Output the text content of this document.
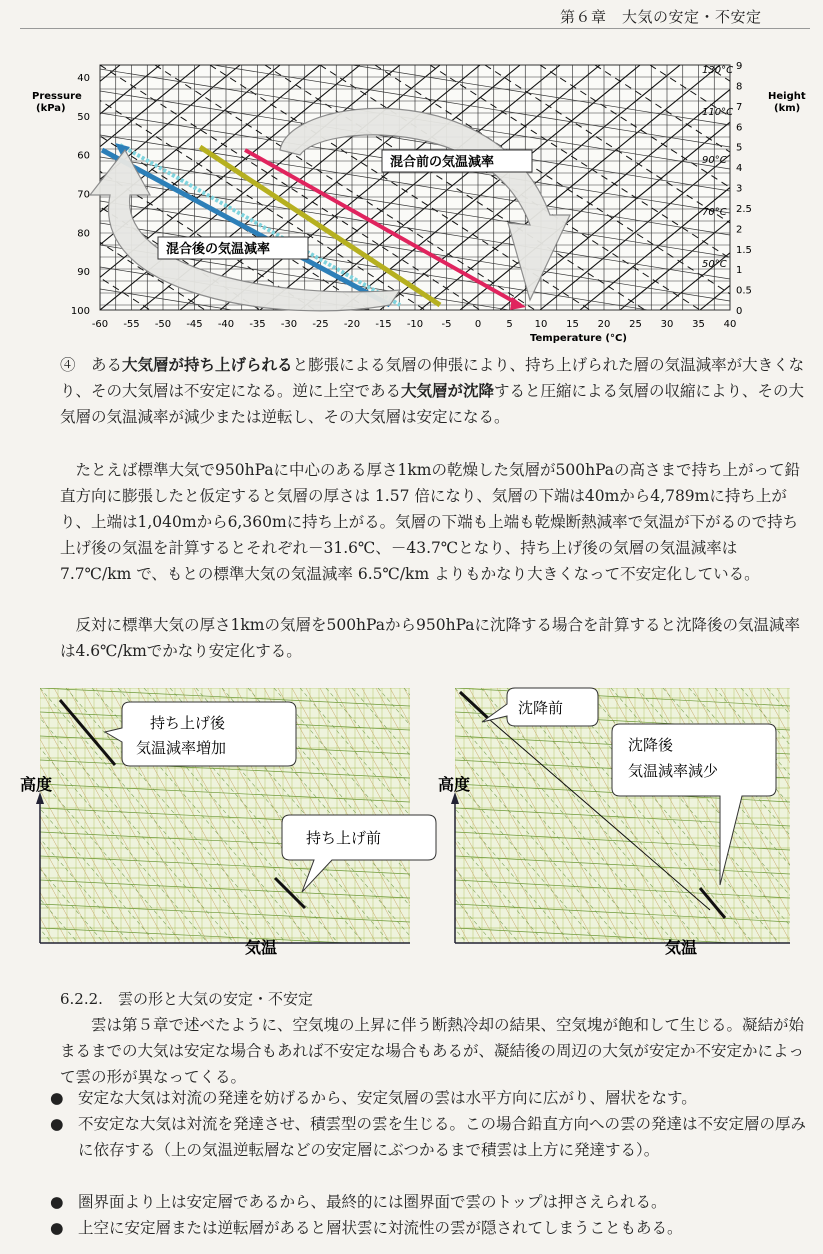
第６章　大気の安定・不安定
Pressure
(kPa)
Height
(km)
混合前の気温減率
混合後の気温減率
130°C
110°C
90°C
70°C
50°C
40
50
60
70
80
90
100
9
8
7
6
5
4
3
2.5
2
1.5
1
0.5
0
-60 -55 -50 -45 -40 -35 -30 -25 -20 -15 -10 -5 0	5 10 15 20 25 30 35 40
Temperature (°C)
④　 ある大気層が持ち上げられると膨張による気層の伸張により、持ち上げられた層の気温減率が大きくなり、その大気層は不安定になる。逆に上空である大気層が沈降すると圧縮による気層の収縮により、その大気層の気温減率が減少または逆転し、その大気層は安定になる。
　たとえば標準大気で950hPaに中心のある厚さ1kmの乾燥した気層が500hPaの高さまで持ち上がって鉛直方向に膨張したと仮定すると気層の厚さは 1.57 倍になり、気層の下端は40mから4,789mに持ち上がり、上端は1,040mから6,360mに持ち上がる。気層の下端も上端も乾燥断熱減率で気温が下がるので持ち上げ後の気温を計算するとそれぞれ－31.6℃、－43.7℃となり、持ち上げ後の気層の気温減率は 7.7℃/km で、もとの標準大気の気温減率 6.5℃/km よりもかなり大きくなって不安定化している。
　反対に標準大気の厚さ1kmの気層を500hPaから950hPaに沈降する場合を計算すると沈降後の気温減率は4.6℃/kmでかなり安定化する。
持ち上げ後
気温減率増加
持ち上げ前
高度
気温
沈降前
沈降後
気温減率減少
高度
気温
6.2.2.　 雲の形と大気の安定・不安定
　　雲は第５章で述べたように、空気塊の上昇に伴う断熱冷却の結果、空気塊が飽和して生じる。凝結が始まるまでの大気は安定な場合もあれば不安定な場合もあるが、凝結後の周辺の大気が安定か不安定かによって雲の形が異なってくる。
● 安定な大気は対流の発達を妨げるから、安定気層の雲は水平方向に広がり、層状をなす。
● 不安定な大気は対流を発達させ、積雲型の雲を生じる。この場合鉛直方向への雲の発達は不安定層の厚みに依存する（上の気温逆転層などの安定層にぶつかるまで積雲は上方に発達する）。
● 圏界面より上は安定層であるから、最終的には圏界面で雲のトップは押さえられる。
● 上空に安定層または逆転層があると層状雲に対流性の雲が隠されてしまうこともある。
